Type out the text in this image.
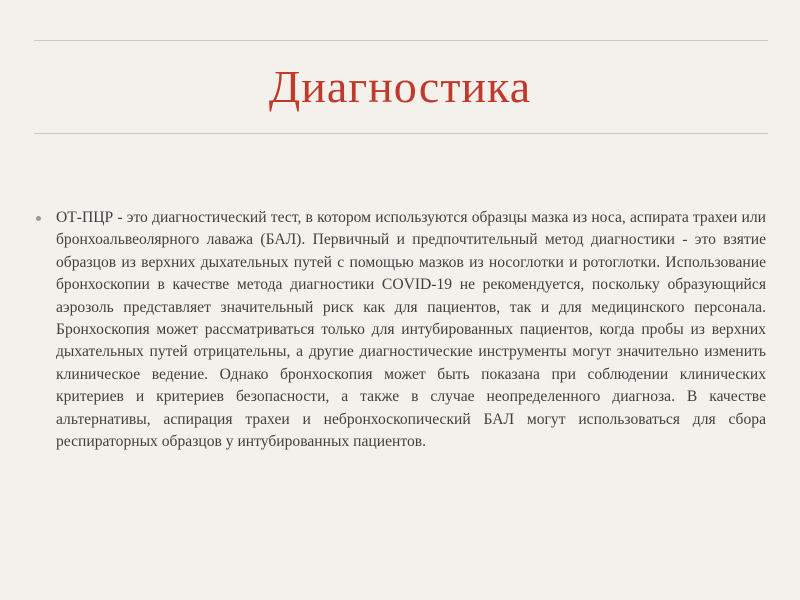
Диагностика
ОТ-ПЦР - это диагностический тест, в котором используются образцы мазка из носа, аспирата трахеи или бронхоальвеолярного лаважа (БАЛ). Первичный и предпочтительный метод диагностики - это взятие образцов из верхних дыхательных путей с помощью мазков из носоглотки и ротоглотки. Использование бронхоскопии в качестве метода диагностики COVID-19 не рекомендуется, поскольку образующийся аэрозоль представляет значительный риск как для пациентов, так и для медицинского персонала. Бронхоскопия может рассматриваться только для интубированных пациентов, когда пробы из верхних дыхательных путей отрицательны, а другие диагностические инструменты могут значительно изменить клиническое ведение. Однако бронхоскопия может быть показана при соблюдении клинических критериев и критериев безопасности, а также в случае неопределенного диагноза. В качестве альтернативы, аспирация трахеи и небронхоскопический БАЛ могут использоваться для сбора респираторных образцов у интубированных пациентов.
